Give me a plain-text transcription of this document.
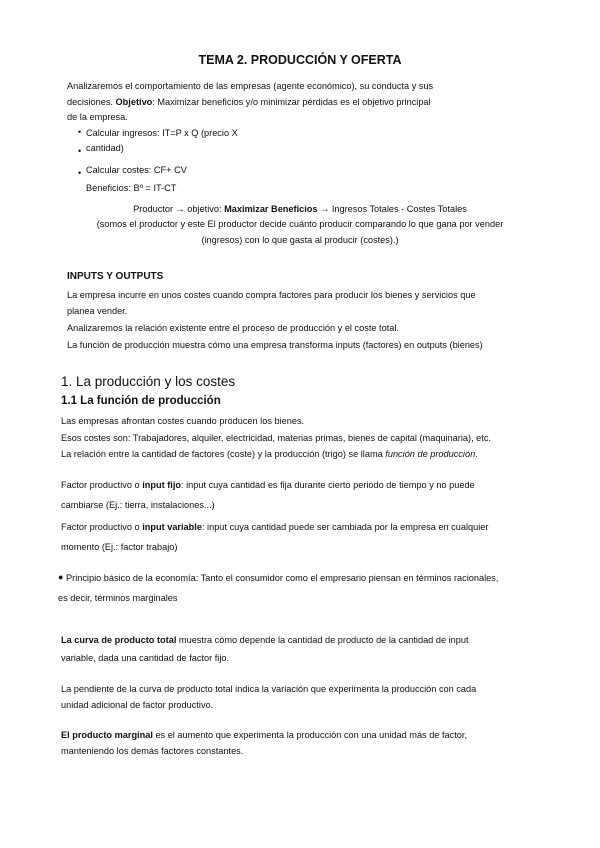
TEMA 2. PRODUCCIÓN Y OFERTA
Analizaremos el comportamiento de las empresas (agente económico), su conducta y sus
decisiones. Objetivo: Maximizar beneficios y/o minimizar pérdidas es el objetivo principal
de la empresa.
• Calcular ingresos: IT=P x Q (precio X
• cantidad)
• Calcular costes: CF+ CV
Beneficios: Bº = IT-CT
Productor → objetivo: Maximizar Beneficios → Ingresos Totales - Costes Totales
(somos el productor y este El productor decide cuánto producir comparando lo que gana por vender
(ingresos) con lo que gasta al producir (costes).)
INPUTS Y OUTPUTS
La empresa incurre en unos costes cuando compra factores para producir los bienes y servicios que
planea vender.
Analizaremos la relación existente entre el proceso de producción y el coste total.
La función de producción muestra cómo una empresa transforma inputs (factores) en outputs (bienes)
1. La producción y los costes
1.1 La función de producción
Las empresas afrontan costes cuando producen los bienes.
Esos costes son: Trabajadores, alquiler, electricidad, materias primas, bienes de capital (maquinaria), etc.
La relación entre la cantidad de factores (coste) y la producción (trigo) se llama función de producción.
Factor productivo o input fijo: input cuya cantidad es fija durante cierto periodo de tiempo y no puede
cambiarse (Ej.: tierra, instalaciones...)
Factor productivo o input variable: input cuya cantidad puede ser cambiada por la empresa en cualquier
momento (Ej.: factor trabajo)
● Principio básico de la economía: Tanto el consumidor como el empresario piensan en términos racionales,
es decir, términos marginales
La curva de producto total muestra cómo depende la cantidad de producto de la cantidad de input
variable, dada una cantidad de factor fijo.
La pendiente de la curva de producto total indica la variación que experimenta la producción con cada
unidad adicional de factor productivo.
El producto marginal es el aumento que experimenta la producción con una unidad más de factor,
manteniendo los demás factores constantes.
